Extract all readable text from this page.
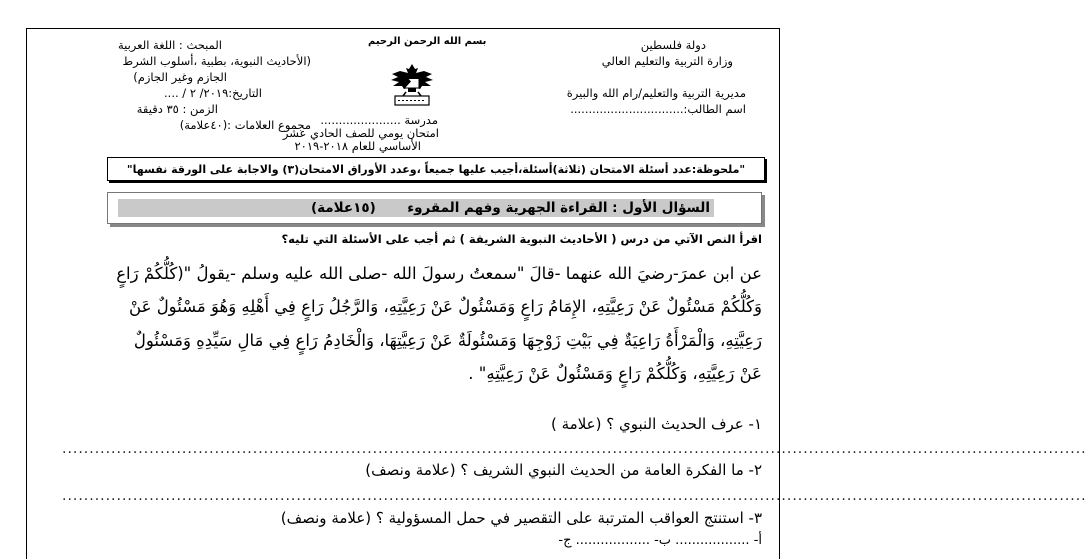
دولة فلسطين
وزارة التربية والتعليم العالي
مديرية التربية والتعليم/رام الله والبيرة
اسم الطالب:...............................
بسم الله الرحمن الرحيم
مدرسة ......................
امتحان يومي للصف الحادي عشر
الأساسي للعام ٢٠١٨-٢٠١٩
المبحث : اللغة العربية
(الأحاديث النبوية، بطبية ،أسلوب الشرط
الجازم وغير الجازم)
التاريخ:٢٠١٩/ ٢ / ....
الزمن : ٣٥ دقيقة
مجموع العلامات :(٤٠علامة)
"ملحوظة:عدد أسئلة الامتحان (ثلاثة)أسئلة،أجيب عليها جميعاً ،وعدد الأوراق الامتحان(٣) والاجابة على الورقة نفسها"
السؤال الأول : القراءة الجهرية وفهم المقروء  (١٥علامة)
اقرأ النص الآتي من درس ( الأحاديث النبوية الشريفة ) ثم أجب على الأسئلة التي تليه؟
عن ابن عمرَ-رضيَ الله عنهما -قالَ "سمعتُ رسولَ الله -صلى الله عليه وسلم -يقولُ "(كُلُّكُمْ رَاعٍ
وَكُلُّكُمْ مَسْئُولٌ عَنْ رَعِيَّتِهِ، الإِمَامُ رَاعٍ وَمَسْئُولٌ عَنْ رَعِيَّتِهِ، وَالرَّجُلُ رَاعٍ فِي أَهْلِهِ وَهُوَ مَسْئُولٌ عَنْ
رَعِيَّتِهِ، وَالْمَرْأَةُ رَاعِيَةٌ فِي بَيْتِ زَوْجِهَا وَمَسْئُولَةٌ عَنْ رَعِيَّتِهَا، وَالْخَادِمُ رَاعٍ فِي مَالِ سَيِّدِهِ وَمَسْئُولٌ
عَنْ رَعِيَّتِهِ، وَكُلُّكُمْ رَاعٍ وَمَسْئُولٌ عَنْ رَعِيَّتِهِ" .
١- عرف الحديث النبوي ؟ (علامة )
............................................................................................................................................................................................
٢- ما الفكرة العامة من الحديث النبوي الشريف ؟ (علامة ونصف)
............................................................................................................................................................................................
٣- استنتج العواقب المترتبة على التقصير في حمل المسؤولية ؟ (علامة ونصف)
أ- .................. ب- .................. ج-
